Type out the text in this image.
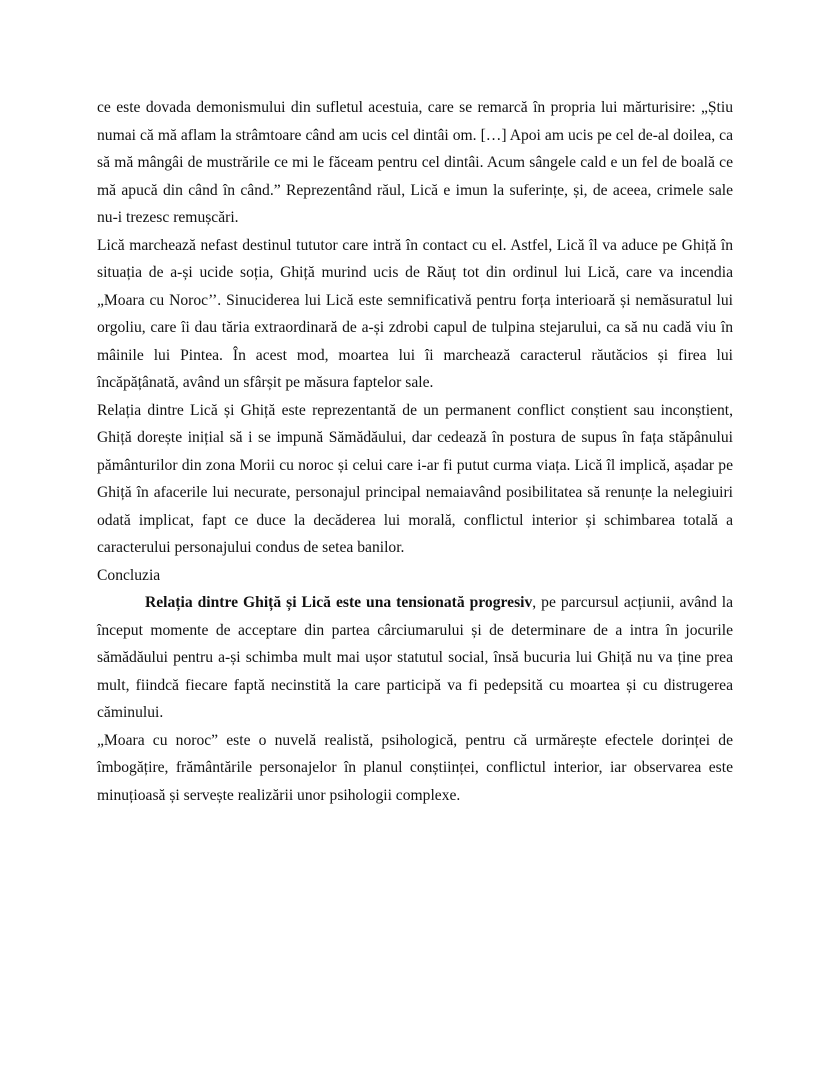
ce este dovada demonismului din sufletul acestuia, care se remarcă în propria lui mărturisire: „Știu numai că mă aflam la strâmtoare când am ucis cel dintâi om. […] Apoi am ucis pe cel de-al doilea, ca să mă mângâi de mustrările ce mi le făceam pentru cel dintâi. Acum sângele cald e un fel de boală ce mă apucă din când în când.” Reprezentând răul, Lică e imun la suferințe, și, de aceea, crimele sale nu-i trezesc remușcări.

Lică marchează nefast destinul tututor care intră în contact cu el. Astfel, Lică îl va aduce pe Ghiță în situația de a-și ucide soția, Ghiță murind ucis de Răuț tot din ordinul lui Lică, care va incendia „Moara cu Noroc’’. Sinuciderea lui Lică este semnificativă pentru forța interioară și nemăsuratul lui orgoliu, care îi dau tăria extraordinară de a-și zdrobi capul de tulpina stejarului, ca să nu cadă viu în mâinile lui Pintea. În acest mod, moartea lui îi marchează caracterul răutăcios și firea lui încăpățânată, având un sfârșit pe măsura faptelor sale.

Relația dintre Lică și Ghiță este reprezentantă de un permanent conflict conștient sau inconștient, Ghiță dorește inițial să i se impună Sămădăului, dar cedează în postura de supus în fața stăpânului pământurilor din zona Morii cu noroc și celui care i-ar fi putut curma viața. Lică îl implică, așadar pe Ghiță în afacerile lui necurate, personajul principal nemaiavând posibilitatea să renunțe la nelegiuiri odată implicat, fapt ce duce la decăderea lui morală, conflictul interior și schimbarea totală a caracterului personajului condus de setea banilor.

Concluzia

Relația dintre Ghiță și Lică este una tensionată progresiv, pe parcursul acțiunii, având la început momente de acceptare din partea cârciumarului și de determinare de a intra în jocurile sămădăului pentru a-și schimba mult mai ușor statutul social, însă bucuria lui Ghiță nu va ține prea mult, fiindcă fiecare faptă necinstită la care participă va fi pedepsită cu moartea și cu distrugerea căminului.

„Moara cu noroc” este o nuvelă realistă, psihologică, pentru că urmărește efectele dorinței de îmbogățire, frământările personajelor în planul conștiinței, conflictul interior, iar observarea este minuțioasă și servește realizării unor psihologii complexe.
